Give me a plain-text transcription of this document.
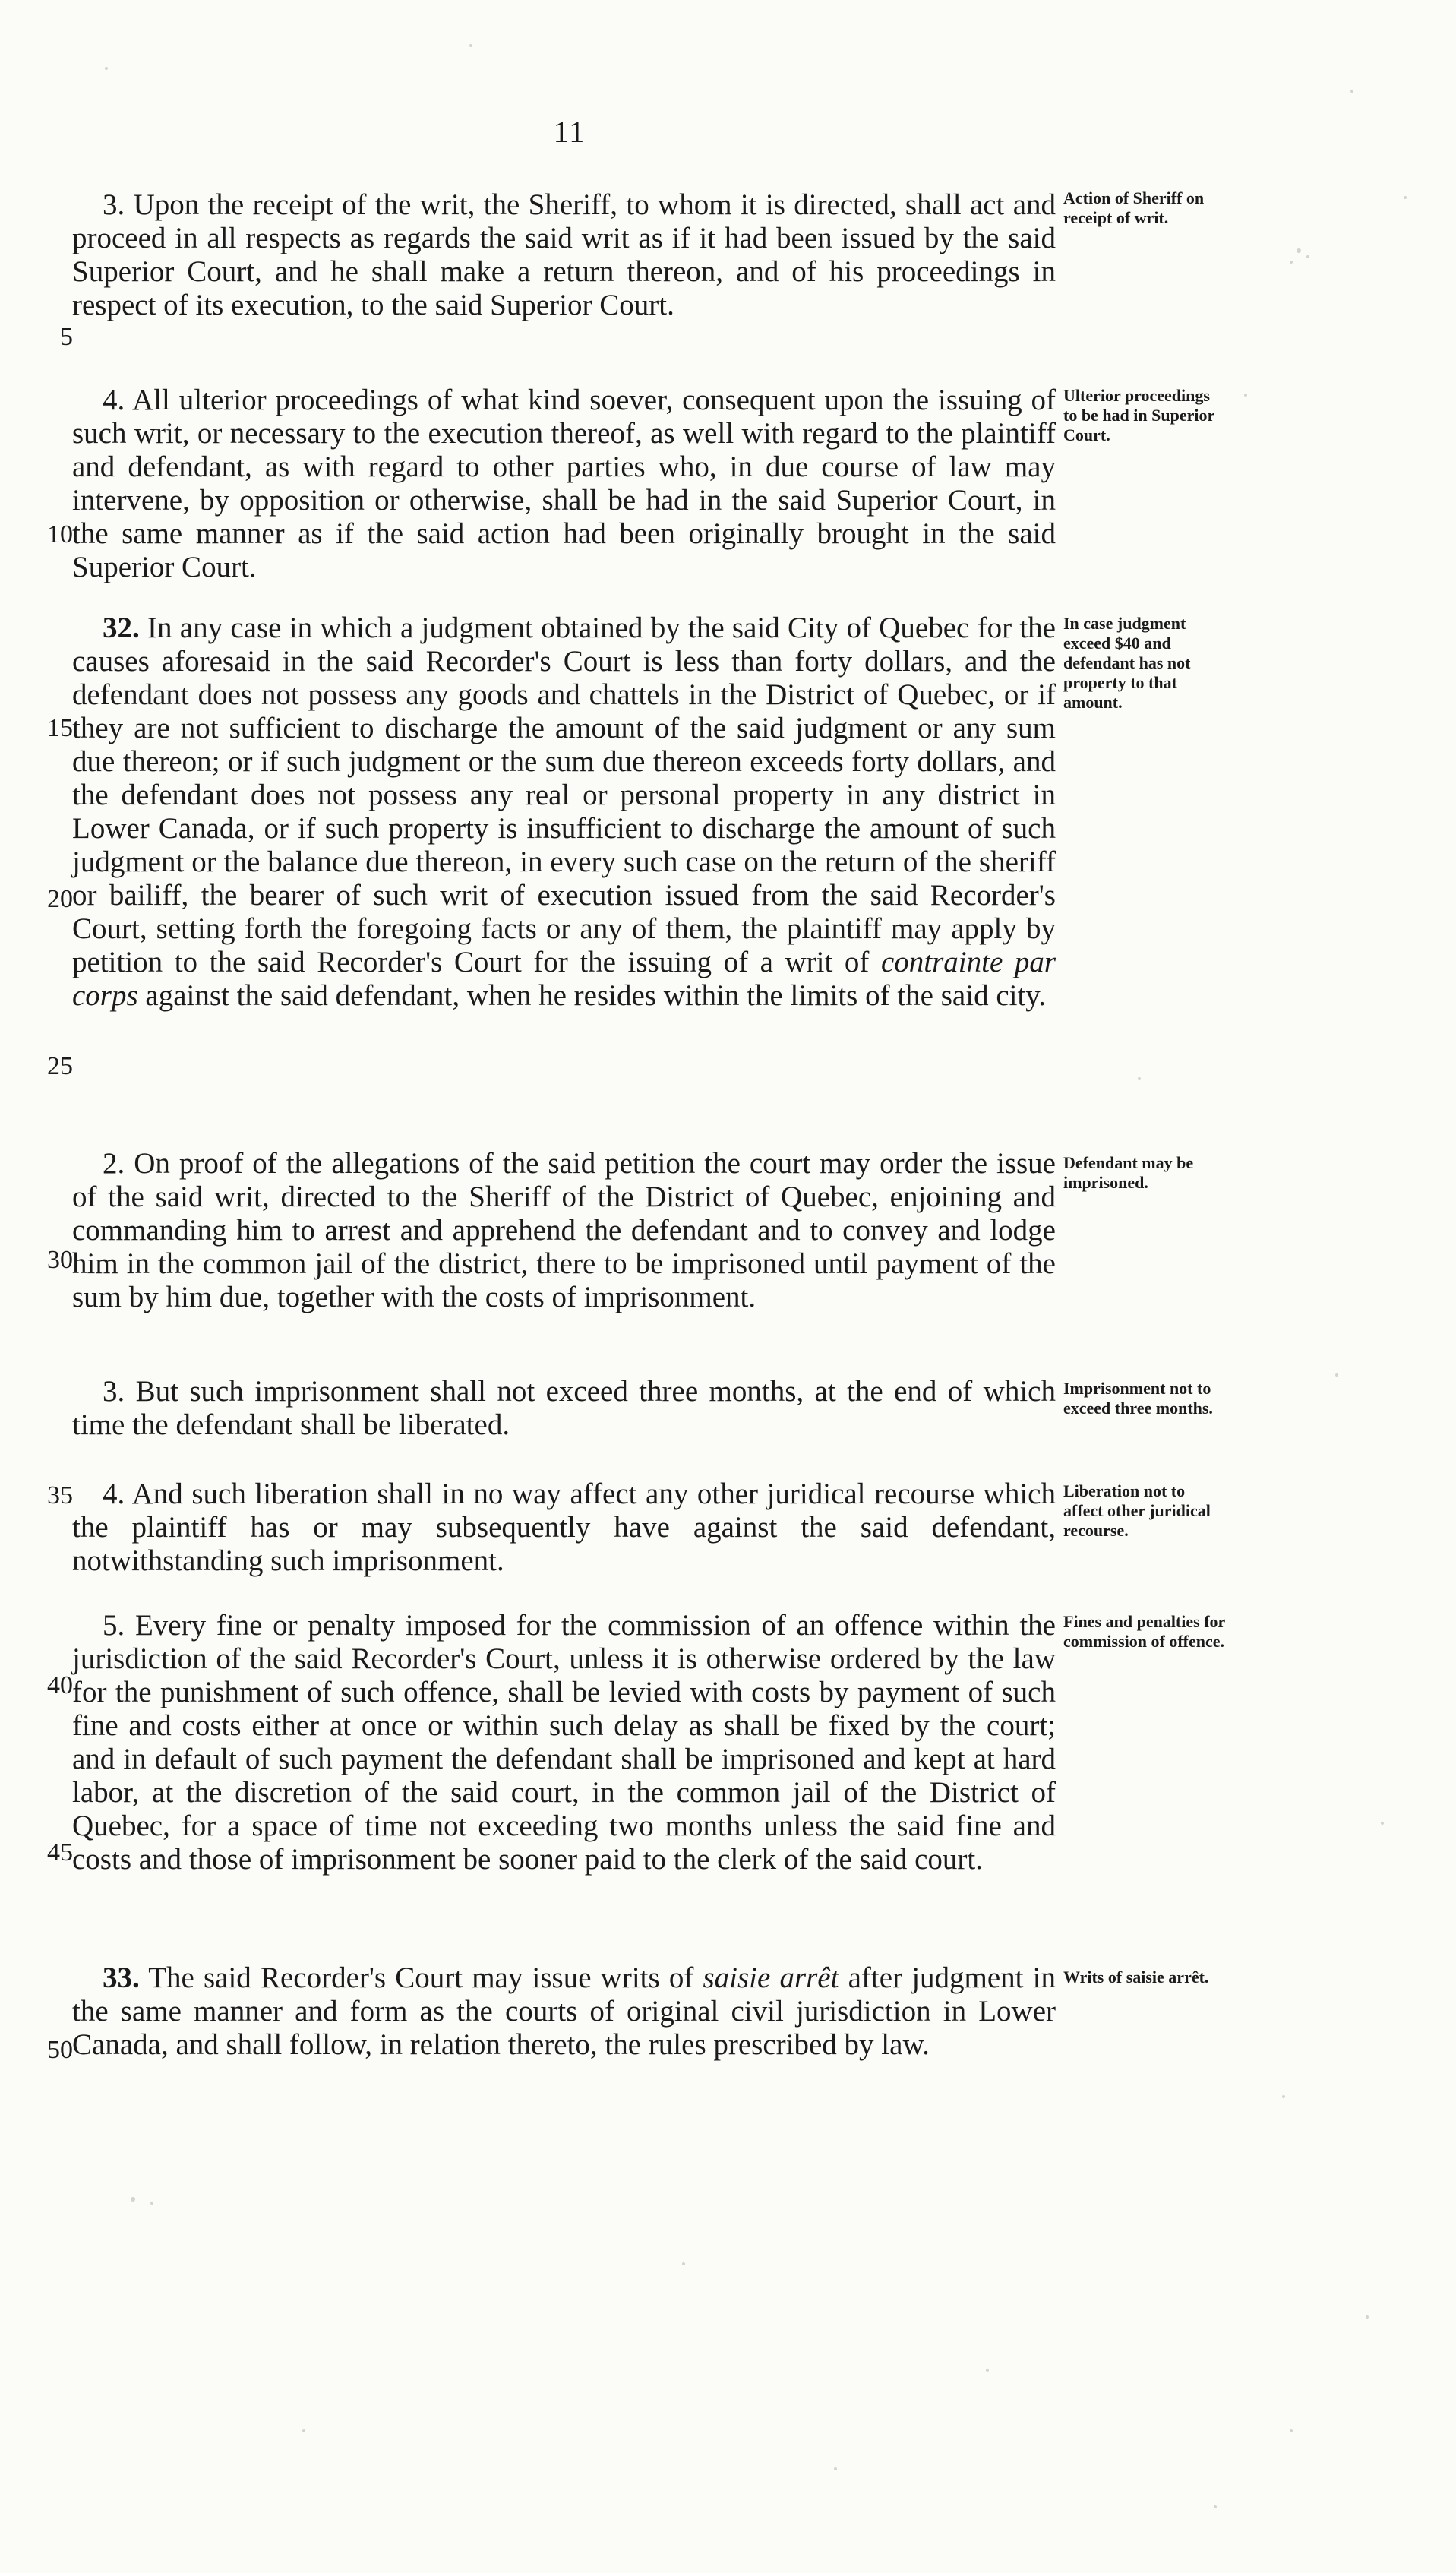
11

3. Upon the receipt of the writ, the Sheriff, to whom it is directed, shall act and proceed in all respects as regards the said writ as if it had been issued by the said Superior Court, and he shall make a return thereon, and of his proceedings in respect of its execution, to the said Superior Court.

Action of Sheriff on receipt of writ.

4. All ulterior proceedings of what kind soever, consequent upon the issuing of such writ, or necessary to the execution thereof, as well with regard to the plaintiff and defendant, as with regard to other parties who, in due course of law may intervene, by opposition or otherwise, shall be had in the said Superior Court, in the same manner as if the said action had been originally brought in the said Superior Court.

Ulterior proceedings to be had in Superior Court.

32. In any case in which a judgment obtained by the said City of Quebec for the causes aforesaid in the said Recorder's Court is less than forty dollars, and the defendant does not possess any goods and chattels in the District of Quebec, or if they are not sufficient to discharge the amount of the said judgment or any sum due thereon; or if such judgment or the sum due thereon exceeds forty dollars, and the defendant does not possess any real or personal property in any district in Lower Canada, or if such property is insufficient to discharge the amount of such judgment or the balance due thereon, in every such case on the return of the sheriff or bailiff, the bearer of such writ of execution issued from the said Recorder's Court, setting forth the foregoing facts or any of them, the plaintiff may apply by petition to the said Recorder's Court for the issuing of a writ of contrainte par corps against the said defendant, when he resides within the limits of the said city.

In case judgment exceed $40 and defendant has not property to that amount.

2. On proof of the allegations of the said petition the court may order the issue of the said writ, directed to the Sheriff of the District of Quebec, enjoining and commanding him to arrest and apprehend the defendant and to convey and lodge him in the common jail of the district, there to be imprisoned until payment of the sum by him due, together with the costs of imprisonment.

Defendant may be imprisoned.

3. But such imprisonment shall not exceed three months, at the end of which time the defendant shall be liberated.

Imprisonment not to exceed three months.

4. And such liberation shall in no way affect any other juridical recourse which the plaintiff has or may subsequently have against the said defendant, notwithstanding such imprisonment.

Liberation not to affect other juridical recourse.

5. Every fine or penalty imposed for the commission of an offence within the jurisdiction of the said Recorder's Court, unless it is otherwise ordered by the law for the punishment of such offence, shall be levied with costs by payment of such fine and costs either at once or within such delay as shall be fixed by the court; and in default of such payment the defendant shall be imprisoned and kept at hard labor, at the discretion of the said court, in the common jail of the District of Quebec, for a space of time not exceeding two months unless the said fine and costs and those of imprisonment be sooner paid to the clerk of the said court.

Fines and penalties for commission of offence.

33. The said Recorder's Court may issue writs of saisie arrêt after judgment in the same manner and form as the courts of original civil jurisdiction in Lower Canada, and shall follow, in relation thereto, the rules prescribed by law.

Writs of saisie arrêt.

5
10
15
20
25
30
35
40
45
50
